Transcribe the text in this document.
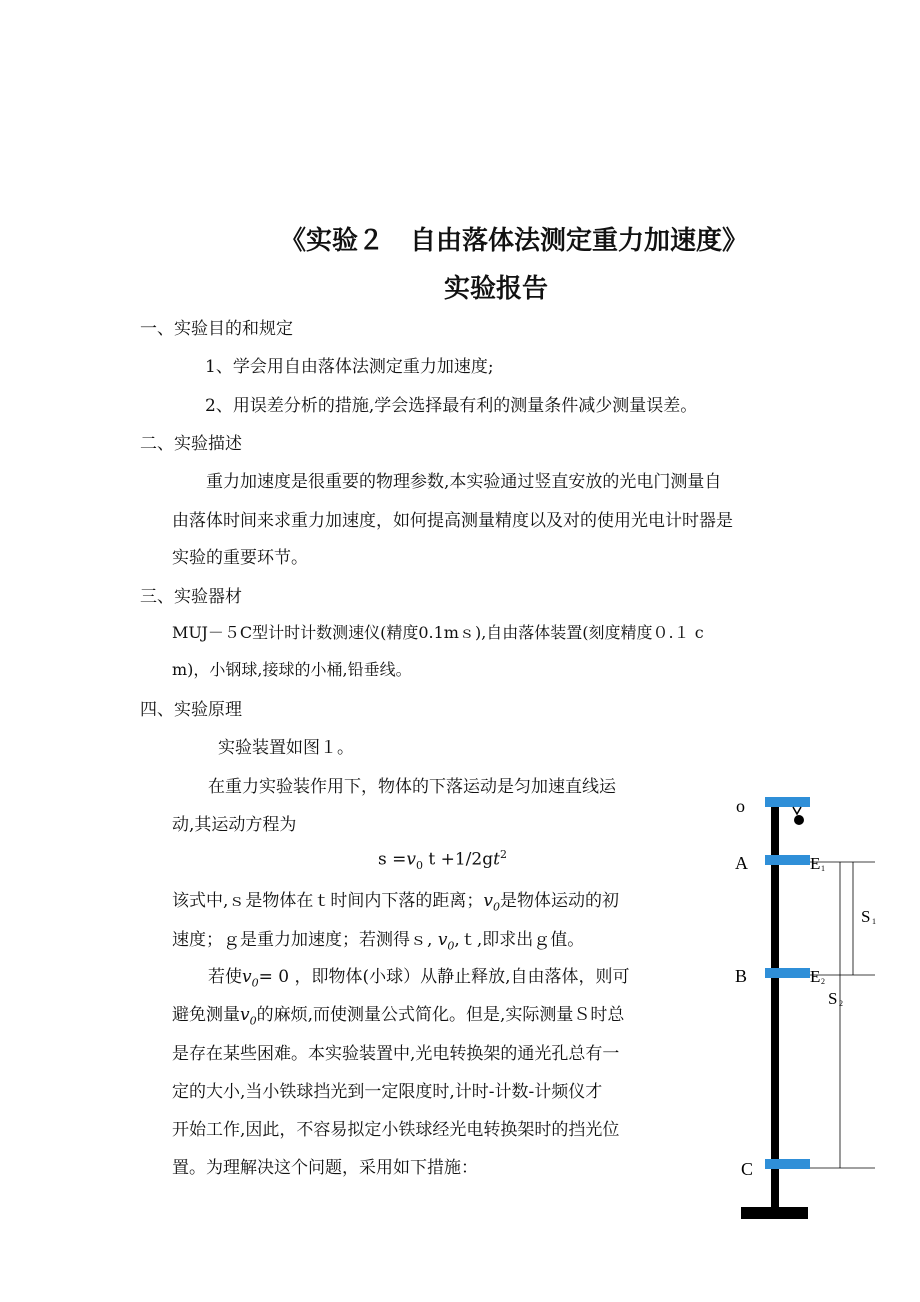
《实验２　自由落体法测定重力加速度》
实验报告
一、实验目的和规定
1、学会用自由落体法测定重力加速度;
2、用误差分析的措施,学会选择最有利的测量条件减少测量误差。
二、实验描述
重力加速度是很重要的物理参数,本实验通过竖直安放的光电门测量自
由落体时间来求重力加速度，如何提高测量精度以及对的使用光电计时器是
实验的重要环节。
三、实验器材
MUJ－５C型计时计数测速仪(精度0.1mｓ),自由落体装置(刻度精度０.１ c
m)，小钢球,接球的小桶,铅垂线。
四、实验原理
实验装置如图１。
在重力实验装作用下，物体的下落运动是匀加速直线运
动,其运动方程为
$s =v_0$ $t +1/2gt^2$
该式中,ｓ是物体在ｔ时间内下落的距离；$v_0$是物体运动的初
速度；ｇ是重力加速度；若测得ｓ, $v_0,t$,即求出ｇ值。
若使$v_0= 0$ ，即物体(小球）从静止释放,自由落体，则可
避免测量$v_0$的麻烦,而使测量公式简化。但是,实际测量Ｓ时总
是存在某些困难。本实验装置中,光电转换架的通光孔总有一
定的大小,当小铁球挡光到一定限度时,计时-计数-计频仪才
开始工作,因此，不容易拟定小铁球经光电转换架时的挡光位
置。为理解决这个问题，采用如下措施：
o
A
B
C
E 1
E 2
S 1
S 2
